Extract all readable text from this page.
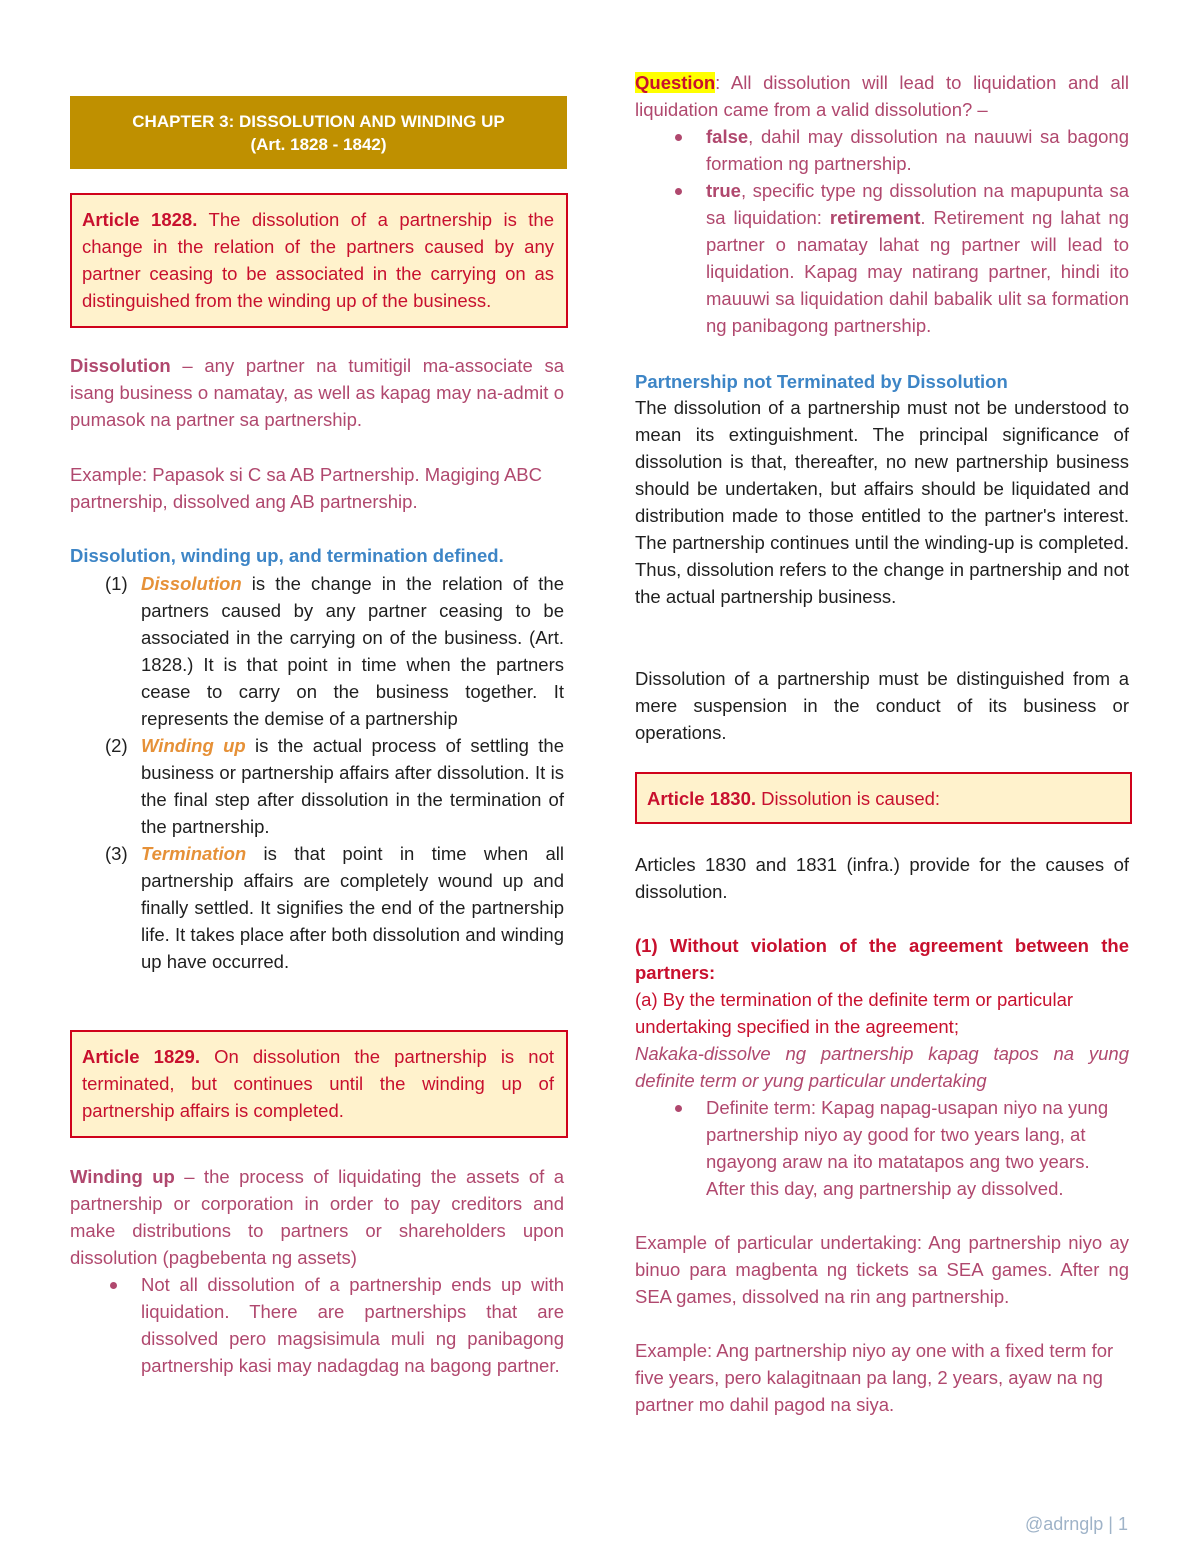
CHAPTER 3: DISSOLUTION AND WINDING UP
(Art. 1828 - 1842)
Article 1828. The dissolution of a partnership is the change in the relation of the partners caused by any partner ceasing to be associated in the carrying on as distinguished from the winding up of the business.
Dissolution – any partner na tumitigil ma-associate sa isang business o namatay, as well as kapag may na-admit o pumasok na partner sa partnership.
Example: Papasok si C sa AB Partnership. Magiging ABC partnership, dissolved ang AB partnership.
Dissolution, winding up, and termination defined.
(1) Dissolution is the change in the relation of the partners caused by any partner ceasing to be associated in the carrying on of the business. (Art. 1828.) It is that point in time when the partners cease to carry on the business together. It represents the demise of a partnership
(2) Winding up is the actual process of settling the business or partnership affairs after dissolution. It is the final step after dissolution in the termination of the partnership.
(3) Termination is that point in time when all partnership affairs are completely wound up and finally settled. It signifies the end of the partnership life. It takes place after both dissolution and winding up have occurred.
Article 1829. On dissolution the partnership is not terminated, but continues until the winding up of partnership affairs is completed.
Winding up – the process of liquidating the assets of a partnership or corporation in order to pay creditors and make distributions to partners or shareholders upon dissolution (pagbebenta ng assets)
Not all dissolution of a partnership ends up with liquidation. There are partnerships that are dissolved pero magsisimula muli ng panibagong partnership kasi may nadagdag na bagong partner.
Question: All dissolution will lead to liquidation and all liquidation came from a valid dissolution? –
false, dahil may dissolution na nauuwi sa bagong formation ng partnership.
true, specific type ng dissolution na mapupunta sa sa liquidation: retirement. Retirement ng lahat ng partner o namatay lahat ng partner will lead to liquidation. Kapag may natirang partner, hindi ito mauuwi sa liquidation dahil babalik ulit sa formation ng panibagong partnership.
Partnership not Terminated by Dissolution
The dissolution of a partnership must not be understood to mean its extinguishment. The principal significance of dissolution is that, thereafter, no new partnership business should be undertaken, but affairs should be liquidated and distribution made to those entitled to the partner's interest. The partnership continues until the winding-up is completed. Thus, dissolution refers to the change in partnership and not the actual partnership business.
Dissolution of a partnership must be distinguished from a mere suspension in the conduct of its business or operations.
Article 1830. Dissolution is caused:
Articles 1830 and 1831 (infra.) provide for the causes of dissolution.
(1) Without violation of the agreement between the partners:
(a) By the termination of the definite term or particular undertaking specified in the agreement;
Nakaka-dissolve ng partnership kapag tapos na yung definite term or yung particular undertaking
Definite term: Kapag napag-usapan niyo na yung partnership niyo ay good for two years lang, at ngayong araw na ito matatapos ang two years. After this day, ang partnership ay dissolved.
Example of particular undertaking: Ang partnership niyo ay binuo para magbenta ng tickets sa SEA games. After ng SEA games, dissolved na rin ang partnership.
Example: Ang partnership niyo ay one with a fixed term for five years, pero kalagitnaan pa lang, 2 years, ayaw na ng partner mo dahil pagod na siya.
@adrnglp | 1
